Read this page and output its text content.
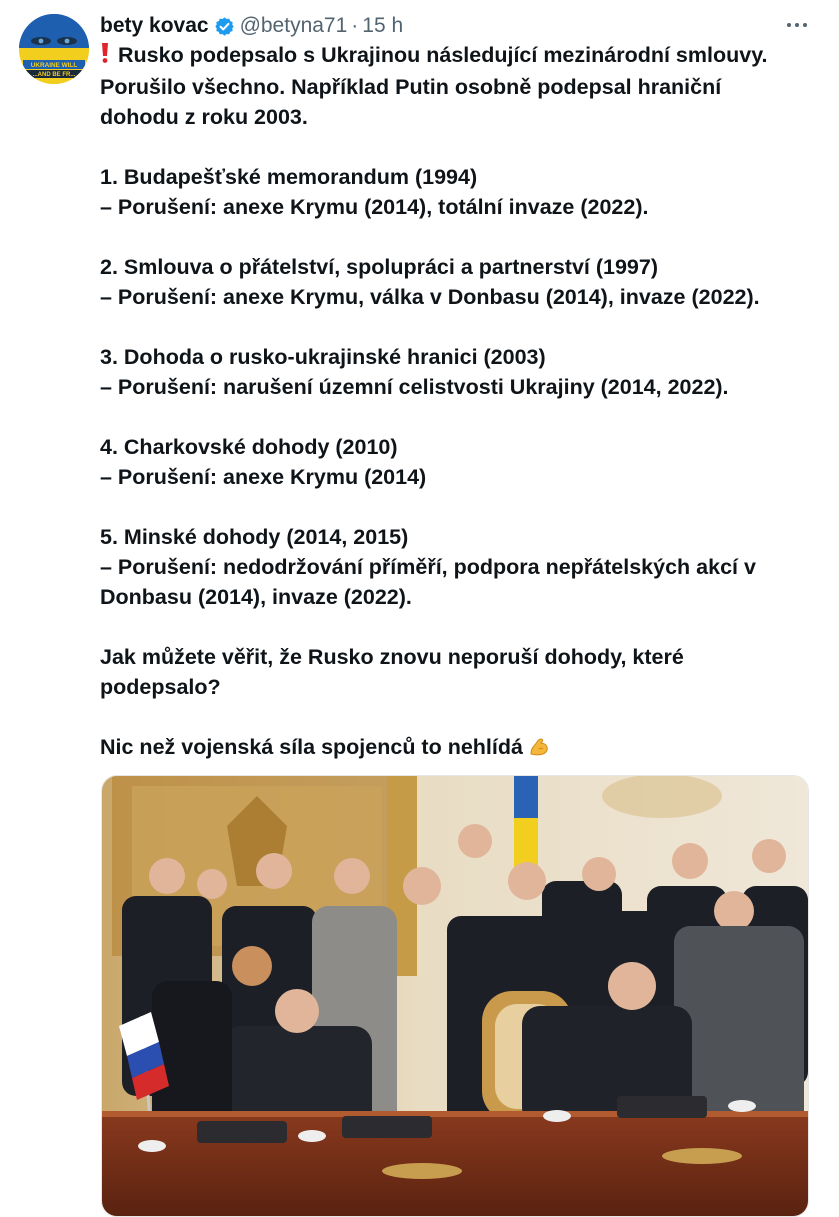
UKRAINE WILL
...AND BE FR...
bety kovac @betyna71 · 15 h

Rusko podepsalo s Ukrajinou následující mezinárodní smlouvy.

Porušilo všechno. Například Putin osobně podepsal hraniční

dohodu z roku 2003.

1. Budapešťské memorandum (1994)

– Porušení: anexe Krymu (2014), totální invaze (2022).

2. Smlouva o přátelství, spolupráci a partnerství (1997)

– Porušení: anexe Krymu, válka v Donbasu (2014), invaze (2022).

3. Dohoda o rusko-ukrajinské hranici (2003)

– Porušení: narušení územní celistvosti Ukrajiny (2014, 2022).

4. Charkovské dohody (2010)

– Porušení: anexe Krymu (2014)

5. Minské dohody (2014, 2015)

– Porušení: nedodržování příměří, podpora nepřátelských akcí v

Donbasu (2014), invaze (2022).

Jak můžete věřit, že Rusko znovu neporuší dohody, které

podepsalo?

Nic než vojenská síla spojenců to nehlídá
